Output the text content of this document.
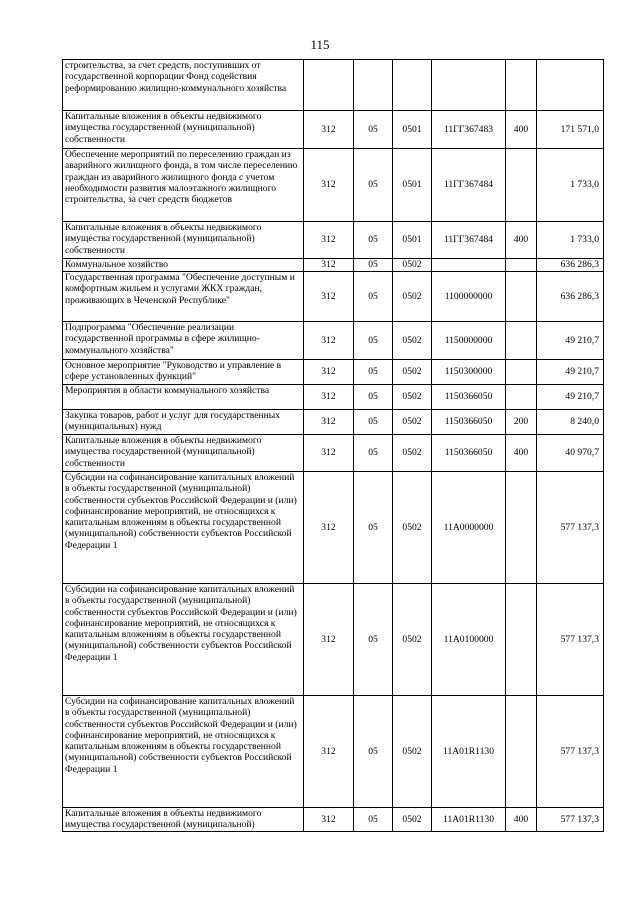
115
строительства, за счет средств, поступивших от государственной корпорации Фонд содействия реформированию жилищно-коммунального хозяйства						
Капитальные вложения в объекты недвижимого имущества государственной (муниципальной) собственности	312	05	0501	11ГГ367483	400	171 571,0
Обеспечение мероприятий по переселению граждан из аварийного жилищного фонда, в том числе переселению граждан из аварийного жилищного фонда с учетом необходимости развития малоэтажного жилищного строительства, за счет средств бюджетов	312	05	0501	11ГГ367484		1 733,0
Капитальные вложения в объекты недвижимого имущества государственной (муниципальной) собственности	312	05	0501	11ГГ367484	400	1 733,0
Коммунальное хозяйство	312	05	0502			636 286,3
Государственная программа "Обеспечение доступным и комфортным жильем и услугами ЖКХ граждан, проживающих в Чеченской Республике"	312	05	0502	1100000000		636 286,3
Подпрограмма "Обеспечение реализации государственной программы в сфере жилищно-коммунального хозяйства"	312	05	0502	1150000000		49 210,7
Основное мероприятие "Руководство и управление в сфере установленных функций"	312	05	0502	1150300000		49 210,7
Мероприятия в области коммунального хозяйства	312	05	0502	1150366050		49 210,7
Закупка товаров, работ и услуг для государственных (муниципальных) нужд	312	05	0502	1150366050	200	8 240,0
Капитальные вложения в объекты недвижимого имущества государственной (муниципальной) собственности	312	05	0502	1150366050	400	40 970,7
Субсидии на софинансирование капитальных вложений в объекты государственной (муниципальной) собственности субъектов Российской Федерации и (или) софинансирование мероприятий, не относящихся к капитальным вложениям в объекты государственной (муниципальной) собственности субъектов Российской Федерации 1	312	05	0502	11А0000000		577 137,3
Субсидии на софинансирование капитальных вложений в объекты государственной (муниципальной) собственности субъектов Российской Федерации и (или) софинансирование мероприятий, не относящихся к капитальным вложениям в объекты государственной (муниципальной) собственности субъектов Российской Федерации 1	312	05	0502	11А0100000		577 137,3
Субсидии на софинансирование капитальных вложений в объекты государственной (муниципальной) собственности субъектов Российской Федерации и (или) софинансирование мероприятий, не относящихся к капитальным вложениям в объекты государственной (муниципальной) собственности субъектов Российской Федерации 1	312	05	0502	11А01R1130		577 137,3
Капитальные вложения в объекты недвижимого имущества государственной (муниципальной)	312	05	0502	11А01R1130	400	577 137,3
